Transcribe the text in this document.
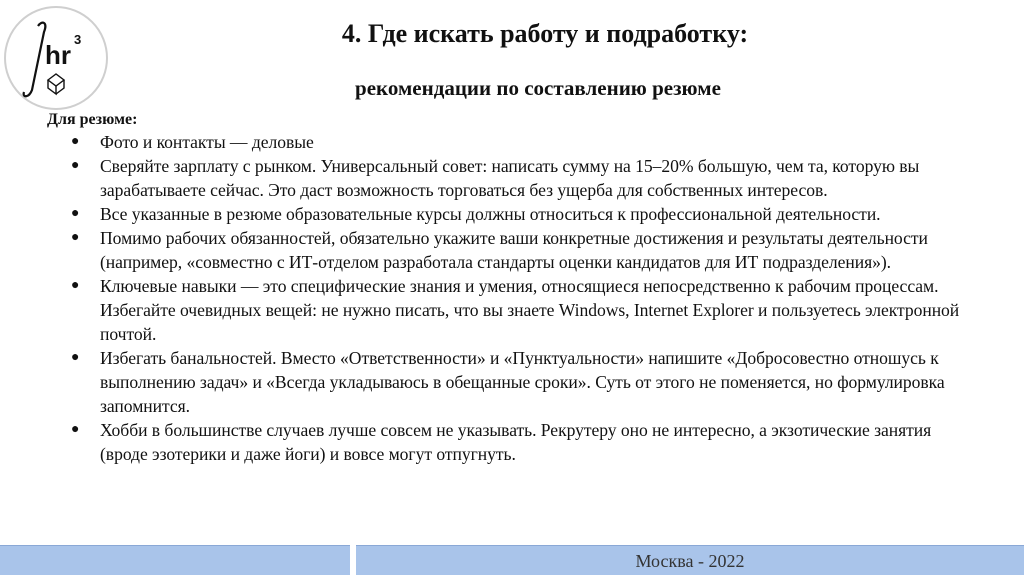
hr
3	4. Где искать работу и подработку:
рекомендации по составлению резюме
Для резюме:
● Фото и контакты — деловые
● Сверяйте зарплату с рынком. Универсальный совет: написать сумму на 15–20% большую, чем та, которую вы зарабатываете сейчас. Это даст возможность торговаться без ущерба для собственных интересов.
● Все указанные в резюме образовательные курсы должны относиться к профессиональной деятельности.
● Помимо рабочих обязанностей, обязательно укажите ваши конкретные достижения и результаты деятельности (например, «совместно с ИТ-отделом разработала стандарты оценки кандидатов для ИТ подразделения»).
● Ключевые навыки — это специфические знания и умения, относящиеся непосредственно к рабочим процессам. Избегайте очевидных вещей: не нужно писать, что вы знаете Windows, Internet Explorer и пользуетесь электронной почтой.
● Избегать банальностей. Вместо «Ответственности» и «Пунктуальности» напишите «Добросовестно отношусь к выполнению задач» и «Всегда укладываюсь в обещанные сроки». Суть от этого не поменяется, но формулировка запомнится.
● Хобби в большинстве случаев лучше совсем не указывать. Рекрутеру оно не интересно, а экзотические занятия (вроде эзотерики и даже йоги) и вовсе могут отпугнуть.
Москва - 2022
